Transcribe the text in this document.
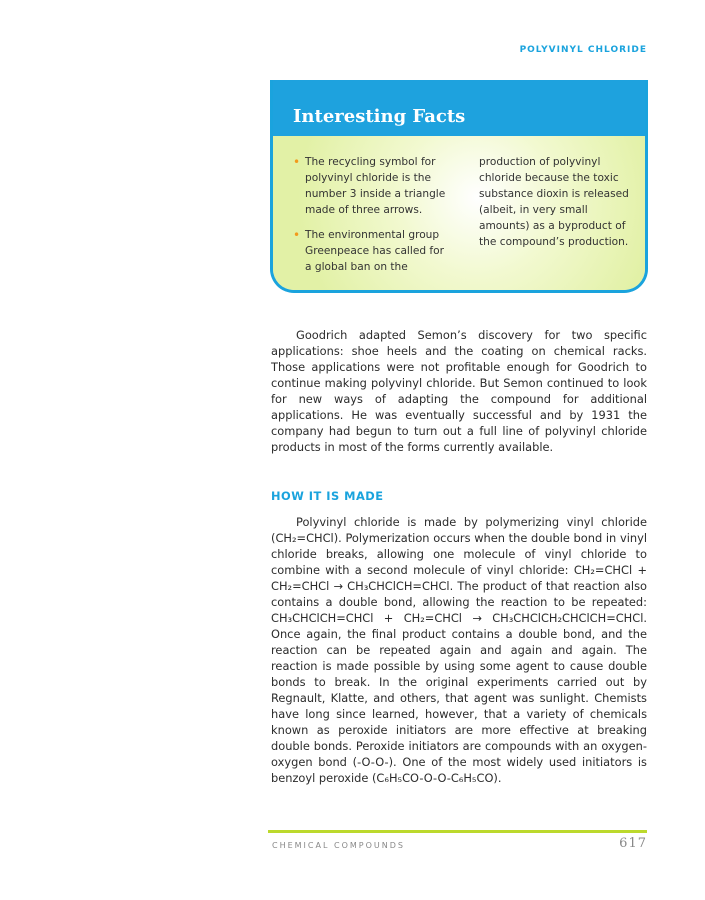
POLYVINYL CHLORIDE
Interesting Facts
• The recycling symbol for polyvinyl chloride is the number 3 inside a triangle made of three arrows.
• The environmental group Greenpeace has called for a global ban on the
production of polyvinyl chloride because the toxic substance dioxin is released (albeit, in very small amounts) as a byproduct of the compound’s production.

Goodrich adapted Semon’s discovery for two specific applications: shoe heels and the coating on chemical racks. Those applications were not profitable enough for Goodrich to continue making polyvinyl chloride. But Semon continued to look for new ways of adapting the compound for additional applications. He was eventually successful and by 1931 the company had begun to turn out a full line of polyvinyl chloride products in most of the forms currently available.

HOW IT IS MADE

Polyvinyl chloride is made by polymerizing vinyl chloride (CH₂=CHCl). Polymerization occurs when the double bond in vinyl chloride breaks, allowing one molecule of vinyl chloride to combine with a second molecule of vinyl chloride: CH₂=CHCl + CH₂=CHCl → CH₃CHClCH=CHCl. The product of that reaction also contains a double bond, allowing the reaction to be repeated: CH₃CHClCH=CHCl + CH₂=CHCl → CH₃CHClCH₂CHClCH=CHCl. Once again, the final product contains a double bond, and the reaction can be repeated again and again and again. The reaction is made possible by using some agent to cause double bonds to break. In the original experiments carried out by Regnault, Klatte, and others, that agent was sunlight. Chemists have long since learned, however, that a variety of chemicals known as peroxide initiators are more effective at breaking double bonds. Peroxide initiators are compounds with an oxygen-oxygen bond (-O-O-). One of the most widely used initiators is benzoyl peroxide (C₆H₅CO-O-O-C₆H₅CO).

CHEMICAL COMPOUNDS	617
